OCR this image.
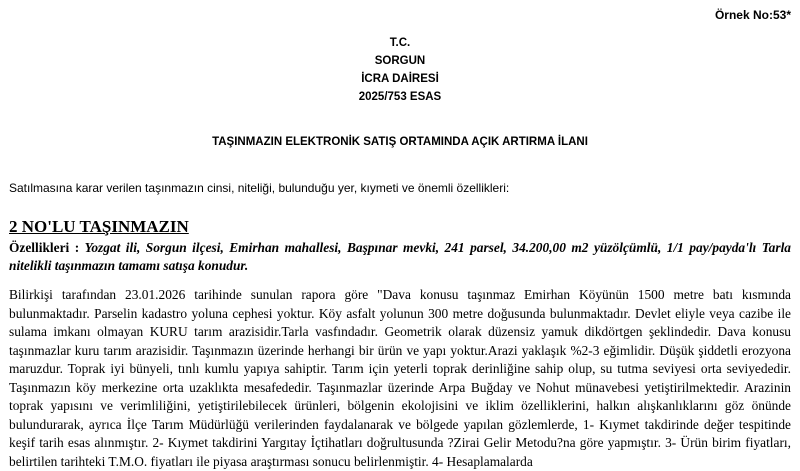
Örnek No:53*
T.C.
SORGUN
İCRA DAİRESİ
2025/753 ESAS
TAŞINMAZIN ELEKTRONİK SATIŞ ORTAMINDA AÇIK ARTIRMA İLANI
Satılmasına karar verilen taşınmazın cinsi, niteliği, bulunduğu yer, kıymeti ve önemli özellikleri:
2 NO'LU TAŞINMAZIN

Özellikleri : Yozgat ili, Sorgun ilçesi, Emirhan mahallesi, Başpınar mevki, 241 parsel, 34.200,00 m2 yüzölçümlü, 1/1 pay/payda'lı Tarla nitelikli taşınmazın tamamı satışa konudur.

Bilirkişi tarafından 23.01.2026 tarihinde sunulan rapora göre "Dava konusu taşınmaz Emirhan Köyünün 1500 metre batı kısmında bulunmaktadır. Parselin kadastro yoluna cephesi yoktur. Köy asfalt yolunun 300 metre doğusunda bulunmaktadır. Devlet eliyle veya cazibe ile sulama imkanı olmayan KURU tarım arazisidir.Tarla vasfındadır. Geometrik olarak düzensiz yamuk dikdörtgen şeklindedir. Dava konusu taşınmazlar kuru tarım arazisidir. Taşınmazın üzerinde herhangi bir ürün ve yapı yoktur.Arazi yaklaşık %2-3 eğimlidir. Düşük şiddetli erozyona maruzdur. Toprak iyi bünyeli, tınlı kumlu yapıya sahiptir. Tarım için yeterli toprak derinliğine sahip olup, su tutma seviyesi orta seviyededir. Taşınmazın köy merkezine orta uzaklıkta mesafededir. Taşınmazlar üzerinde Arpa Buğday ve Nohut münavebesi yetiştirilmektedir. Arazinin toprak yapısını ve verimliliğini, yetiştirilebilecek ürünleri, bölgenin ekolojisini ve iklim özelliklerini, halkın alışkanlıklarını göz önünde bulundurarak, ayrıca İlçe Tarım Müdürlüğü verilerinden faydalanarak ve bölgede yapılan gözlemlerde, 1- Kıymet takdirinde değer tespitinde keşif tarih esas alınmıştır. 2- Kıymet takdirini Yargıtay İçtihatları doğrultusunda ?Zirai Gelir Metodu?na göre yapmıştır. 3- Ürün birim fiyatları, belirtilen tarihteki T.M.O. fiyatları ile piyasa araştırması sonucu belirlenmiştir. 4- Hesaplamalarda
